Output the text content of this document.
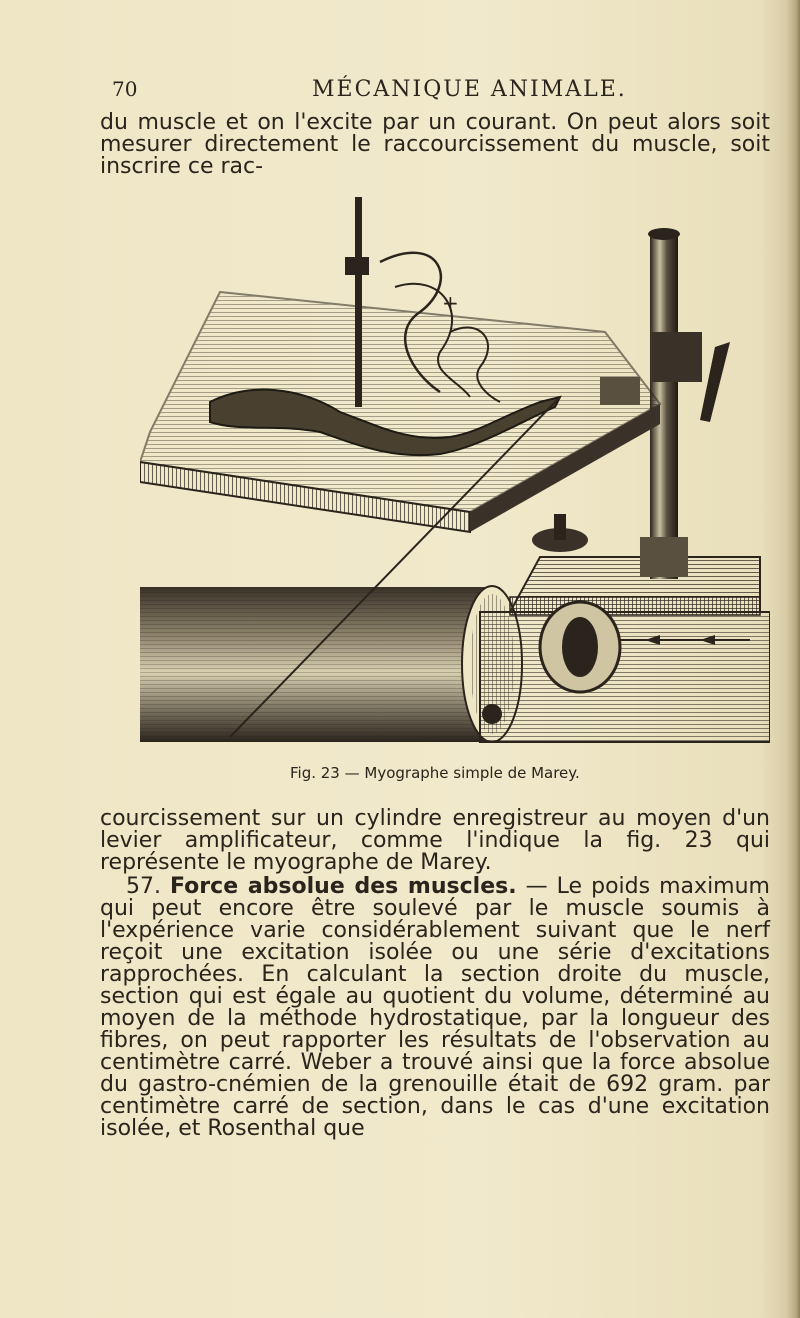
70	MÉCANIQUE ANIMALE.

du muscle et on l'excite par un courant. On peut alors soit mesurer directement le raccourcissement du muscle, soit inscrire ce rac-

+
Fig. 23 — Myographe simple de Marey.

courcissement sur un cylindre enregistreur au moyen d'un levier amplificateur, comme l'indique la fig. 23 qui représente le myographe de Marey.

57. Force absolue des muscles. — Le poids maximum qui peut encore être soulevé par le muscle soumis à l'expérience varie considérablement suivant que le nerf reçoit une excitation isolée ou une série d'excitations rapprochées. En calculant la section droite du muscle, section qui est égale au quotient du volume, déterminé au moyen de la méthode hydrostatique, par la longueur des fibres, on peut rapporter les résultats de l'observation au centimètre carré. Weber a trouvé ainsi que la force absolue du gastro-cnémien de la grenouille était de 692 gram. par centimètre carré de section, dans le cas d'une excitation isolée, et Rosenthal que
